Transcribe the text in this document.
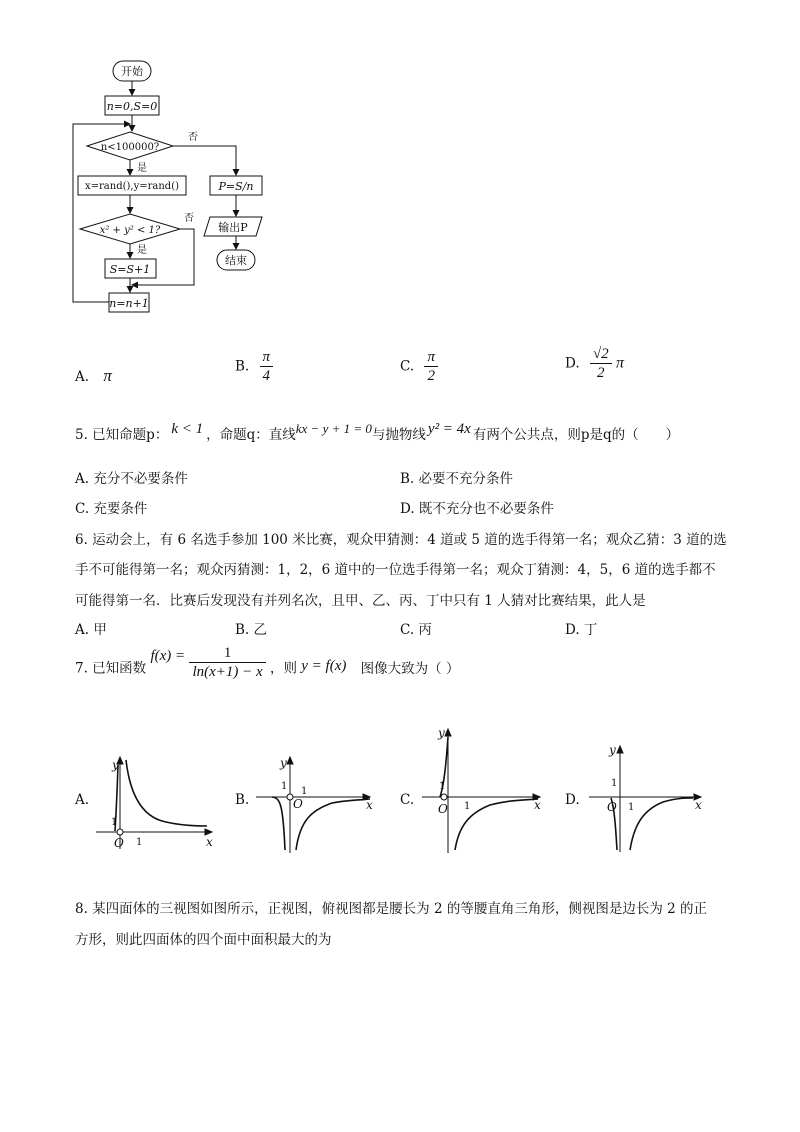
开始
n=0,S=0
n<100000?
否
是
x=rand(),y=rand()
x² + y² < 1?
否
是
S=S+1
n=n+1
P=S/n
输出P
结束
A. π	B. $\frac{\pi}{4}$	C. $\frac{\pi}{2}$	D. $\frac{√2}{2}$ π
5. 已知命题p： k < 1 ，命题q：直线kx − y + 1 = 0与抛物线 y² = 4x 有两个公共点，则p是q的（　　）
A. 充分不必要条件	B. 必要不充分条件
C. 充要条件	D. 既不充分也不必要条件
6. 运动会上，有 6 名选手参加 100 米比赛，观众甲猜测：4 道或 5 道的选手得第一名；观众乙猜：3 道的选
手不可能得第一名；观众丙猜测：1，2，6 道中的一位选手得第一名；观众丁猜测：4，5，6 道的选手都不
可能得第一名．比赛后发现没有并列名次，且甲、乙、丙、丁中只有 1 人猜对比赛结果，此人是
A. 甲	B. 乙	C. 丙	D. 丁
7. 已知函数 $f(x) = \frac{1}{\ln(x+1) - x}$ ，则 y = f(x) 图像大致为（ ）
A.	B.	C.	D.
y
1
O 1	x
y
1
O
1
x
y
1
O 1	x
y
1
O 1	x
8. 某四面体的三视图如图所示，正视图，俯视图都是腰长为 2 的等腰直角三角形，侧视图是边长为 2 的正
方形，则此四面体的四个面中面积最大的为
